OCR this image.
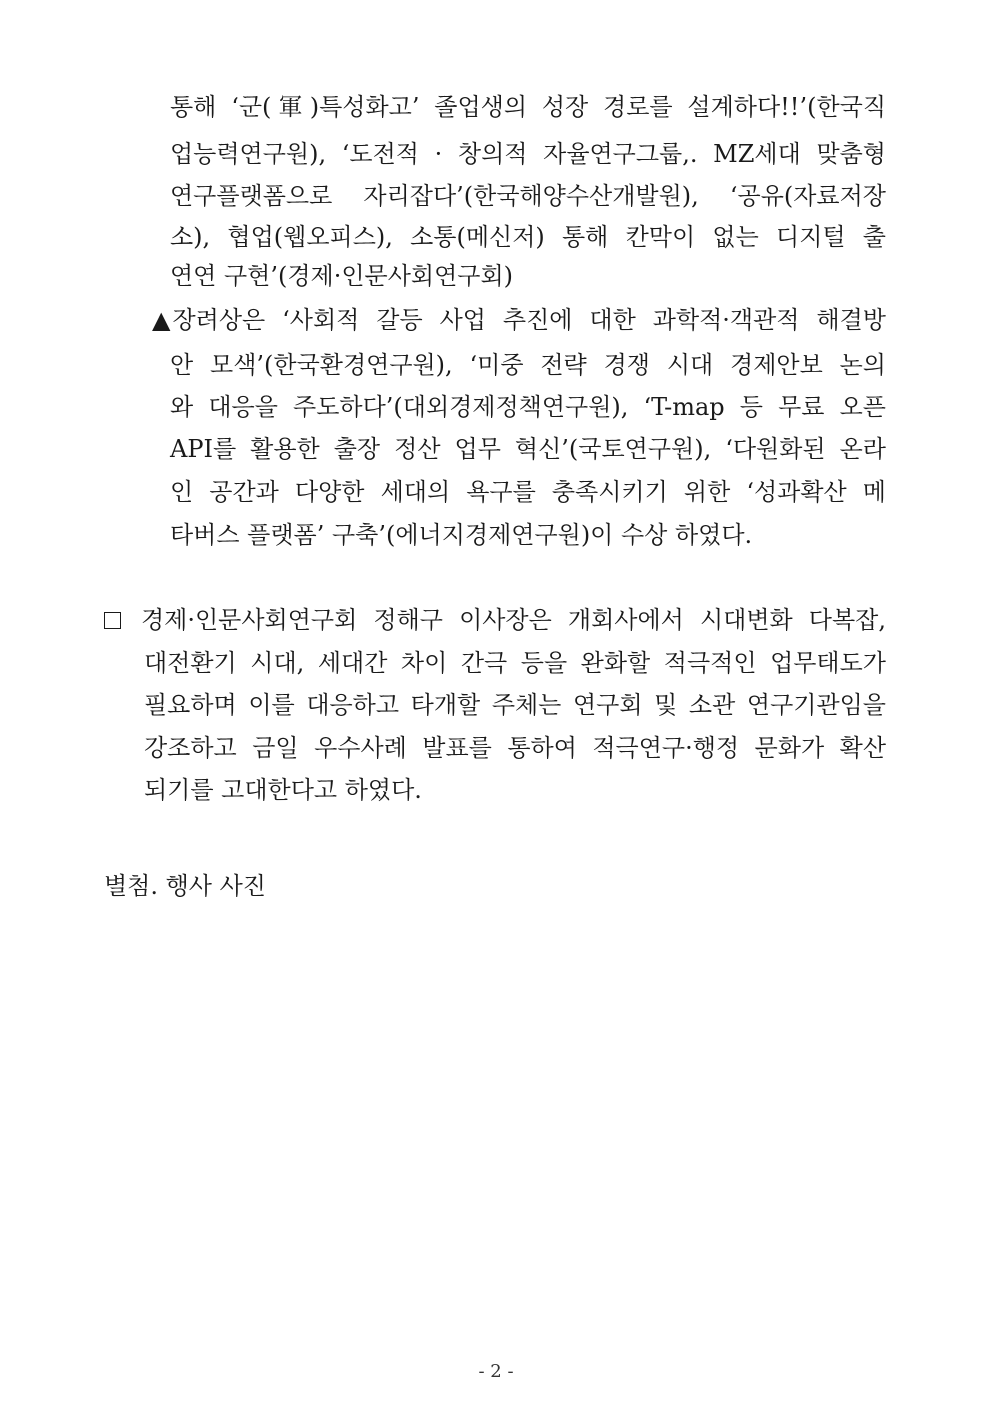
통해 ‘군(軍)특성화고’ 졸업생의 성장 경로를 설계하다!!’(한국직
업능력연구원), ‘도전적 · 창의적 자율연구그룹,. MZ세대 맞춤형
연구플랫폼으로 자리잡다’(한국해양수산개발원), ‘공유(자료저장
소), 협업(웹오피스), 소통(메신저) 통해 칸막이 없는 디지털 출
연연 구현’(경제·인문사회연구회)
▲장려상은 ‘사회적 갈등 사업 추진에 대한 과학적·객관적 해결방
안 모색’(한국환경연구원), ‘미중 전략 경쟁 시대 경제안보 논의
와 대응을 주도하다’(대외경제정책연구원), ‘T-map 등 무료 오픈
API를 활용한 출장 정산 업무 혁신’(국토연구원), ‘다원화된 온라
인 공간과 다양한 세대의 욕구를 충족시키기 위한 ‘성과확산 메
타버스 플랫폼’ 구축’(에너지경제연구원)이 수상 하였다.
경제·인문사회연구회 정해구 이사장은 개회사에서 시대변화 다복잡,
대전환기 시대, 세대간 차이 간극 등을 완화할 적극적인 업무태도가
필요하며 이를 대응하고 타개할 주체는 연구회 및 소관 연구기관임을
강조하고 금일 우수사례 발표를 통하여 적극연구·행정 문화가 확산
되기를 고대한다고 하였다.
별첨. 행사 사진
- 2 -
